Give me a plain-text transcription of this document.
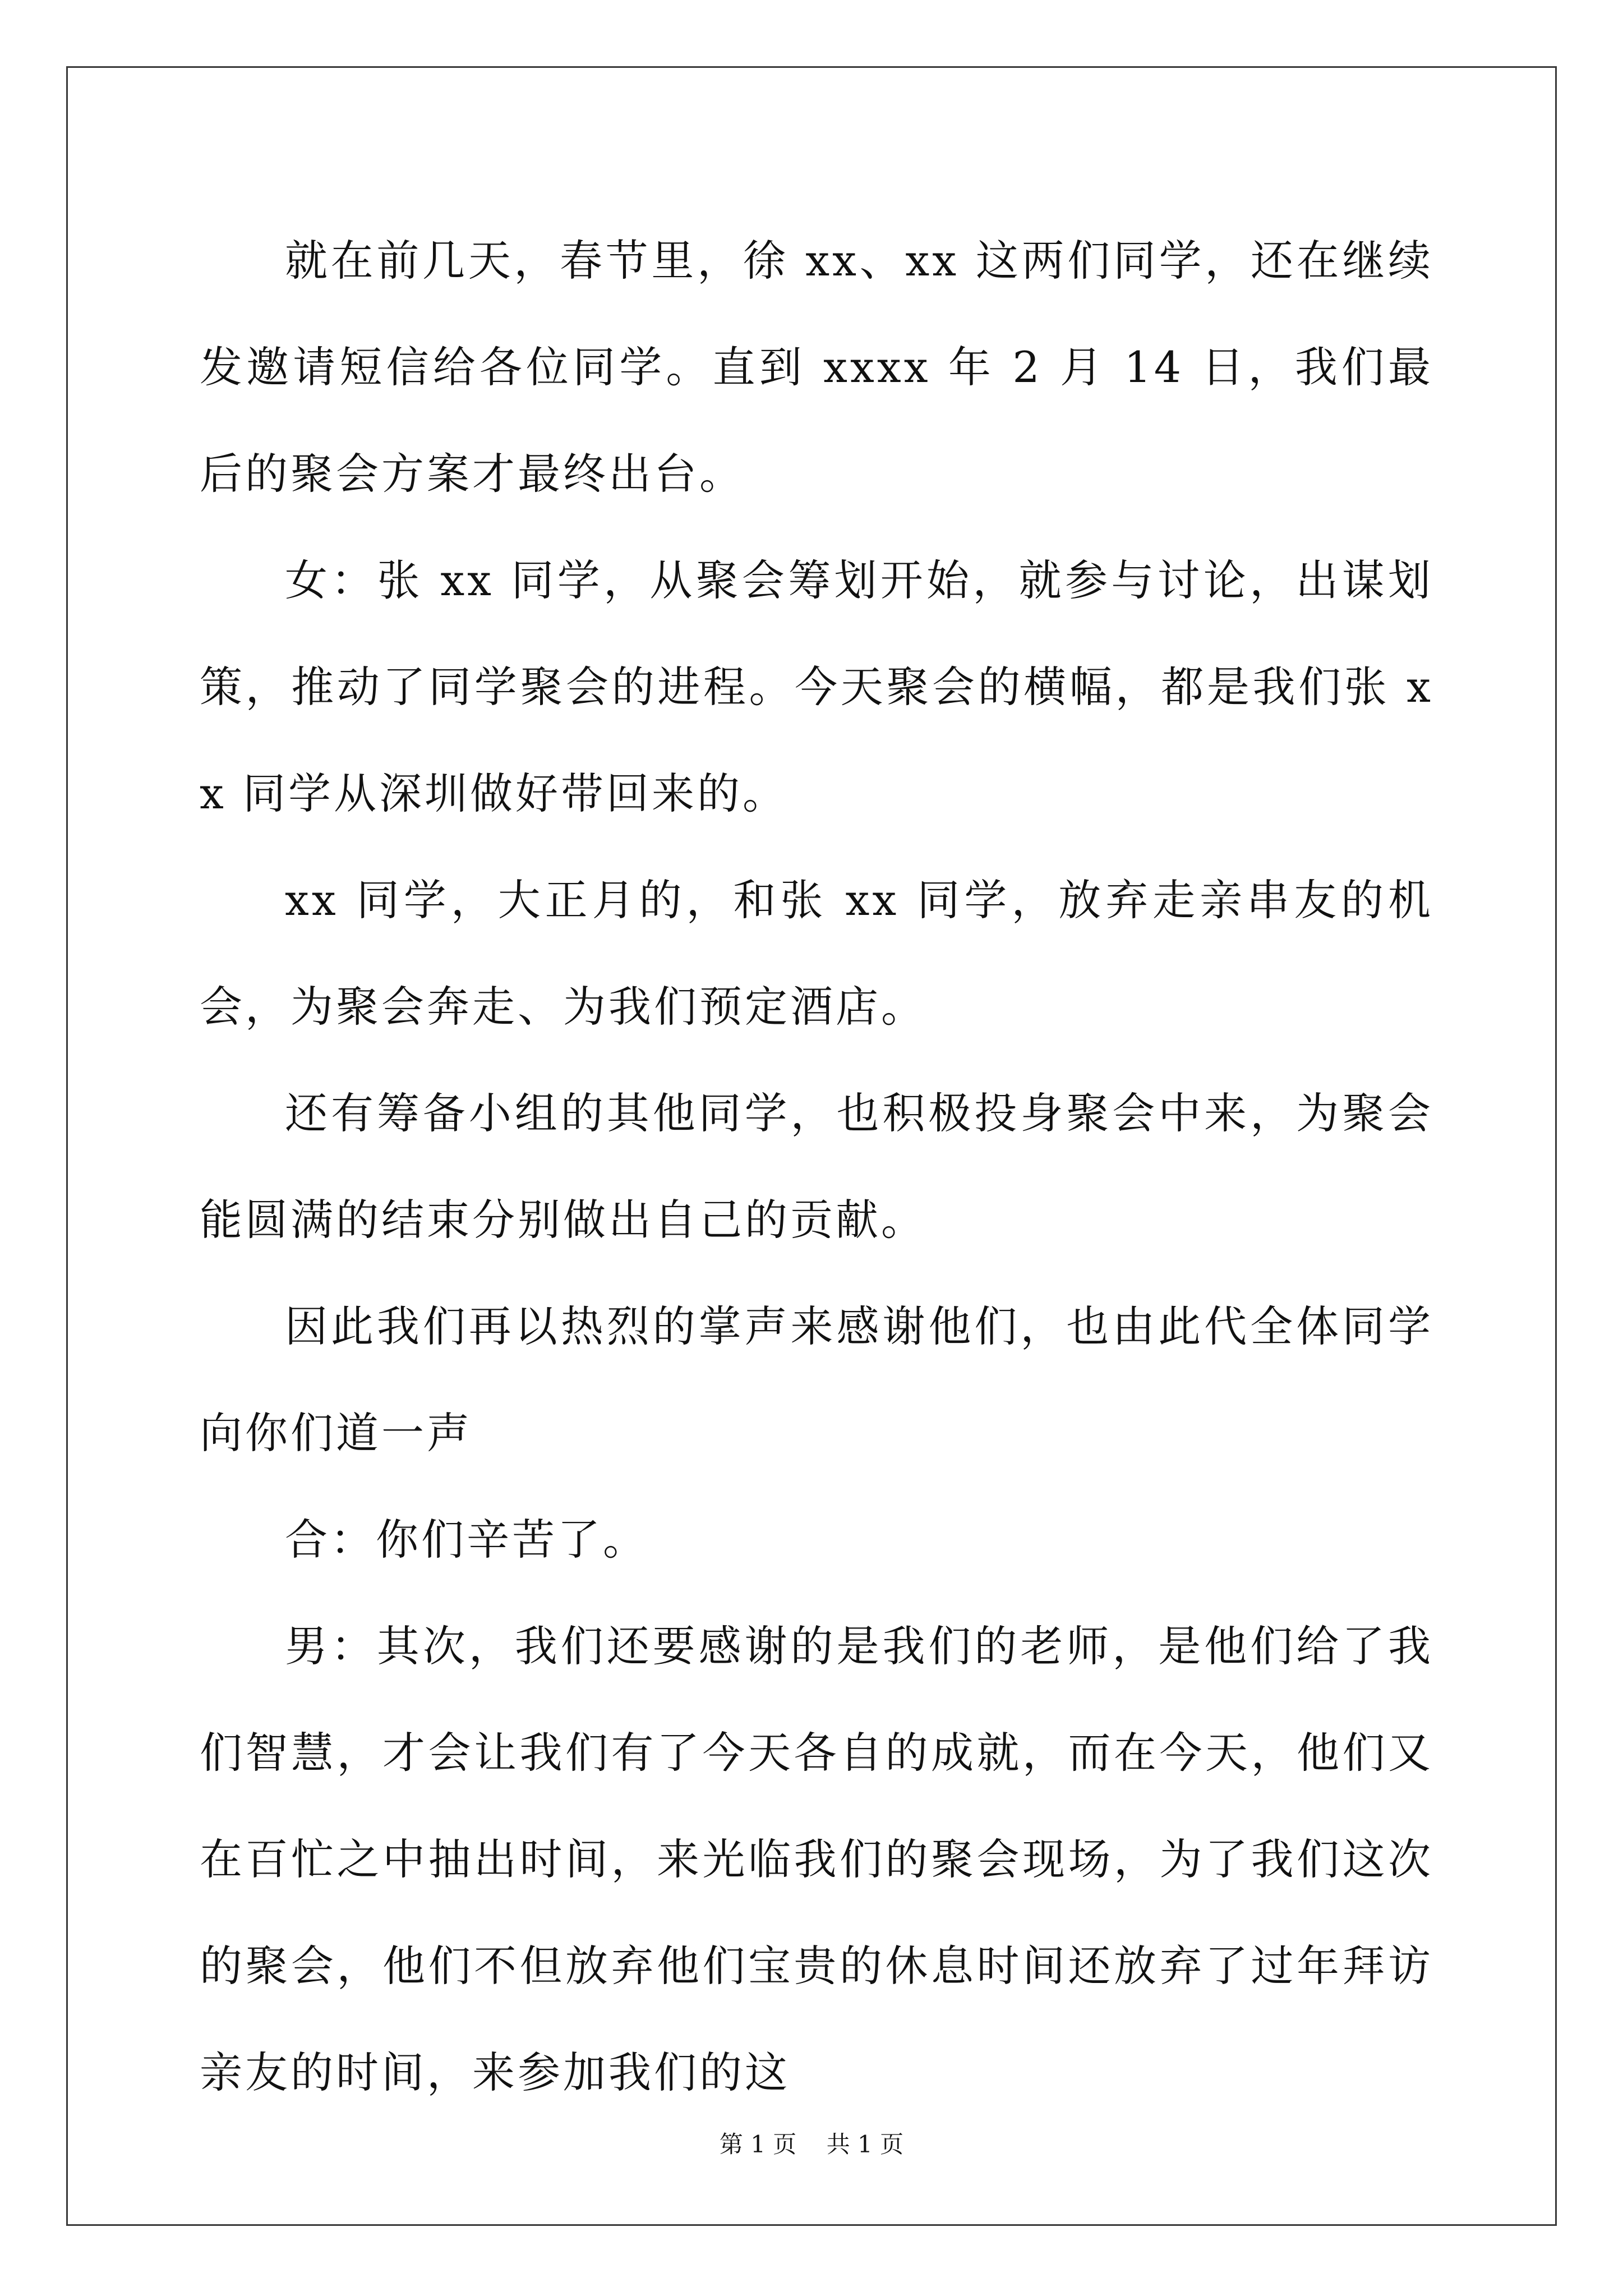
就在前几天，春节里，徐 xx、xx 这两们同学，还在继续发邀请短信给各位同学。直到 xxxx 年 2 月 14 日，我们最后的聚会方案才最终出台。

女：张 xx 同学，从聚会筹划开始，就参与讨论，出谋划策，推动了同学聚会的进程。今天聚会的横幅，都是我们张 xx 同学从深圳做好带回来的。

xx 同学，大正月的，和张 xx 同学，放弃走亲串友的机会，为聚会奔走、为我们预定酒店。

还有筹备小组的其他同学，也积极投身聚会中来，为聚会能圆满的结束分别做出自己的贡献。

因此我们再以热烈的掌声来感谢他们，也由此代全体同学向你们道一声

合：你们辛苦了。

男：其次，我们还要感谢的是我们的老师，是他们给了我们智慧，才会让我们有了今天各自的成就，而在今天，他们又在百忙之中抽出时间，来光临我们的聚会现场，为了我们这次的聚会，他们不但放弃他们宝贵的休息时间还放弃了过年拜访亲友的时间，来参加我们的这

第 1 页    共 1 页
